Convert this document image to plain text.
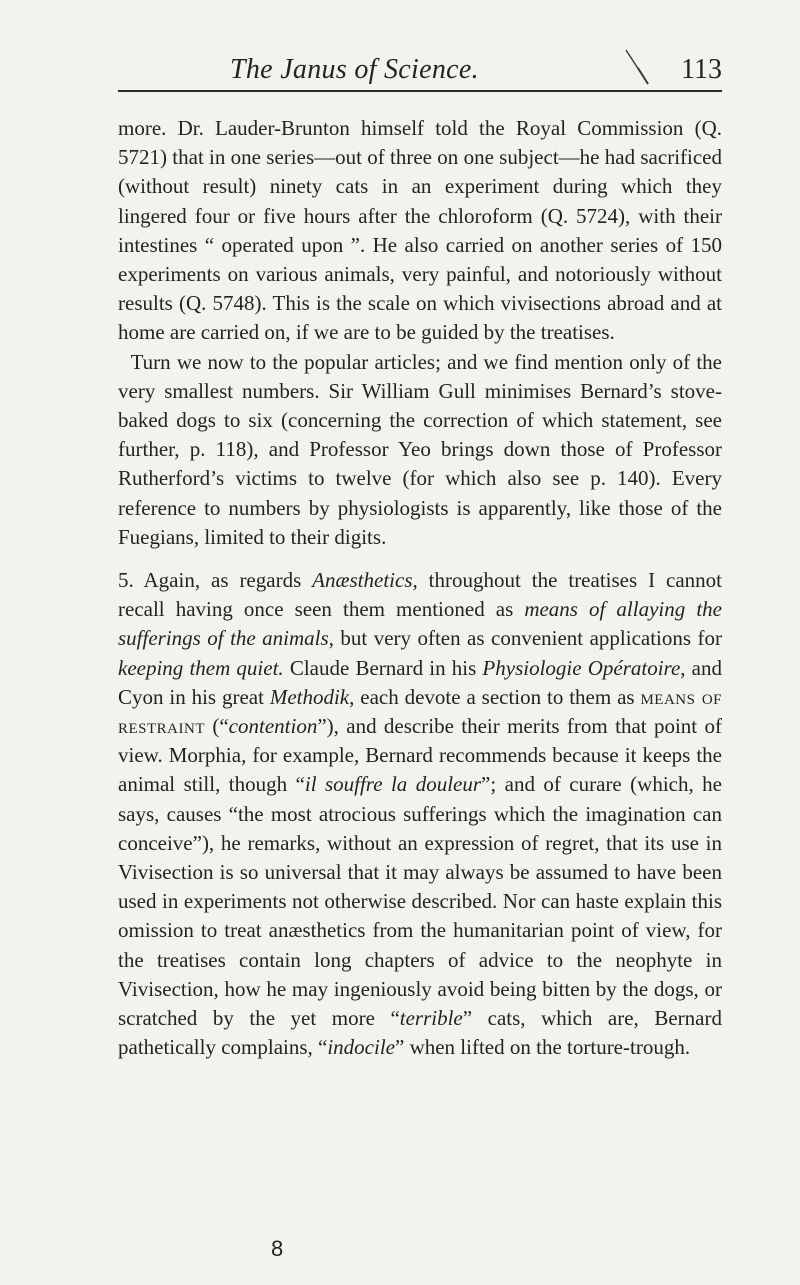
The Janus of Science.	113

more. Dr. Lauder-Brunton himself told the Royal Commission (Q. 5721) that in one series—out of three on one subject—he had sacrificed (without result) ninety cats in an experiment during which they lingered four or five hours after the chloroform (Q. 5724), with their intestines “ operated upon ”. He also carried on another series of 150 experiments on various animals, very painful, and notoriously without results (Q. 5748). This is the scale on which vivisections abroad and at home are carried on, if we are to be guided by the treatises.

Turn we now to the popular articles; and we find mention only of the very smallest numbers. Sir William Gull minimises Bernard’s stove-baked dogs to six (concerning the correction of which statement, see further, p. 118), and Professor Yeo brings down those of Professor Rutherford’s victims to twelve (for which also see p. 140). Every reference to numbers by physiologists is apparently, like those of the Fuegians, limited to their digits.

5. Again, as regards Anæsthetics, throughout the treatises I cannot recall having once seen them mentioned as means of allaying the sufferings of the animals, but very often as convenient applications for keeping them quiet. Claude Bernard in his Physiologie Opératoire, and Cyon in his great Methodik, each devote a section to them as means of restraint (“contention”), and describe their merits from that point of view. Morphia, for example, Bernard recommends because it keeps the animal still, though “il souffre la douleur”; and of curare (which, he says, causes “the most atrocious sufferings which the imagination can conceive”), he remarks, without an expression of regret, that its use in Vivisection is so universal that it may always be assumed to have been used in experiments not otherwise described. Nor can haste explain this omission to treat anæsthetics from the humanitarian point of view, for the treatises contain long chapters of advice to the neophyte in Vivisection, how he may ingeniously avoid being bitten by the dogs, or scratched by the yet more “terrible” cats, which are, Bernard pathetically complains, “indocile” when lifted on the torture-trough.

8
